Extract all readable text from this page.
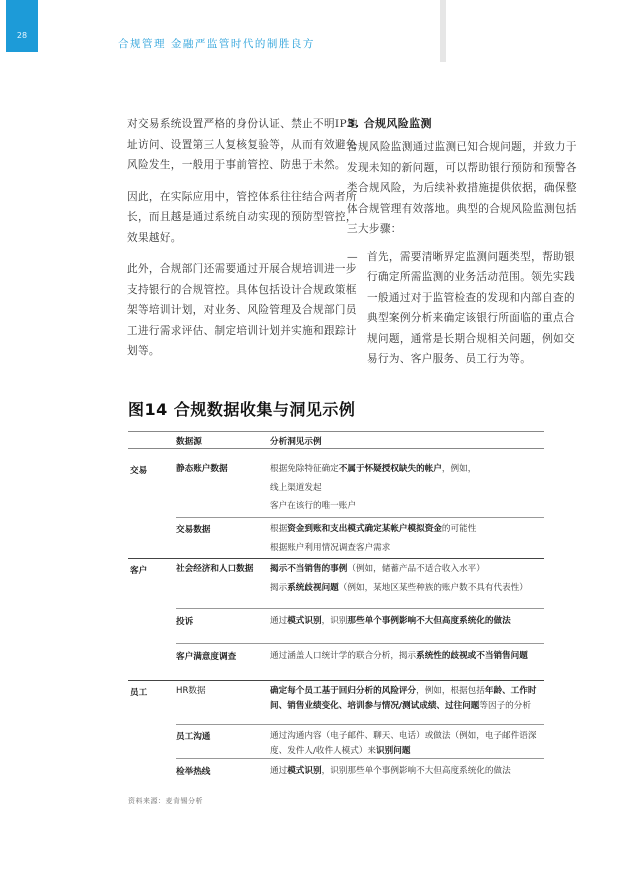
28
合规管理 金融严监管时代的制胜良方

对交易系统设置严格的身份认证、禁止不明IP地址访问、设置第三人复核复验等，从而有效避免风险发生，一般用于事前管控、防患于未然。

因此，在实际应用中，管控体系往往结合两者所长，而且越是通过系统自动实现的预防型管控，效果越好。

此外，合规部门还需要通过开展合规培训进一步支持银行的合规管控。具体包括设计合规政策框架等培训计划，对业务、风险管理及合规部门员工进行需求评估、制定培训计划并实施和跟踪计划等。

3. 合规风险监测

合规风险监测通过监测已知合规问题，并致力于发现未知的新问题，可以帮助银行预防和预警各类合规风险，为后续补救措施提供依据，确保整体合规管理有效落地。典型的合规风险监测包括三大步骤：

— 首先，需要清晰界定监测问题类型，帮助银行确定所需监测的业务活动范围。领先实践一般通过对于监管检查的发现和内部自查的典型案例分析来确定该银行所面临的重点合规问题，通常是长期合规相关问题，例如交易行为、客户服务、员工行为等。
图14 合规数据收集与洞见示例
数据源	分析洞见示例
交易	静态账户数据	根据免除特征确定不属于怀疑授权缺失的帐户，例如，
线上渠道发起
客户在该行的唯一账户
交易数据	根据资金到账和支出模式确定某帐户模拟资金的可能性
根据账户利用情况调查客户需求
客户	社会经济和人口数据	揭示不当销售的事例（例如，储蓄产品不适合收入水平）
揭示系统歧视问题（例如，某地区某些种族的账户数不具有代表性）
投诉	通过模式识别，识别那些单个事例影响不大但高度系统化的做法
客户满意度调查	通过涵盖人口统计学的联合分析，揭示系统性的歧视或不当销售问题
员工	HR数据	确定每个员工基于回归分析的风险评分，例如，根据包括年龄、工作时间、销售业绩变化、培训参与情况/测试成绩、过往问题等因子的分析
员工沟通	通过沟通内容（电子邮件、聊天、电话）或做法（例如，电子邮件语深度、发件人/收件人模式）来识别问题
检举热线	通过模式识别，识别那些单个事例影响不大但高度系统化的做法
资料来源：麦肯锡分析
